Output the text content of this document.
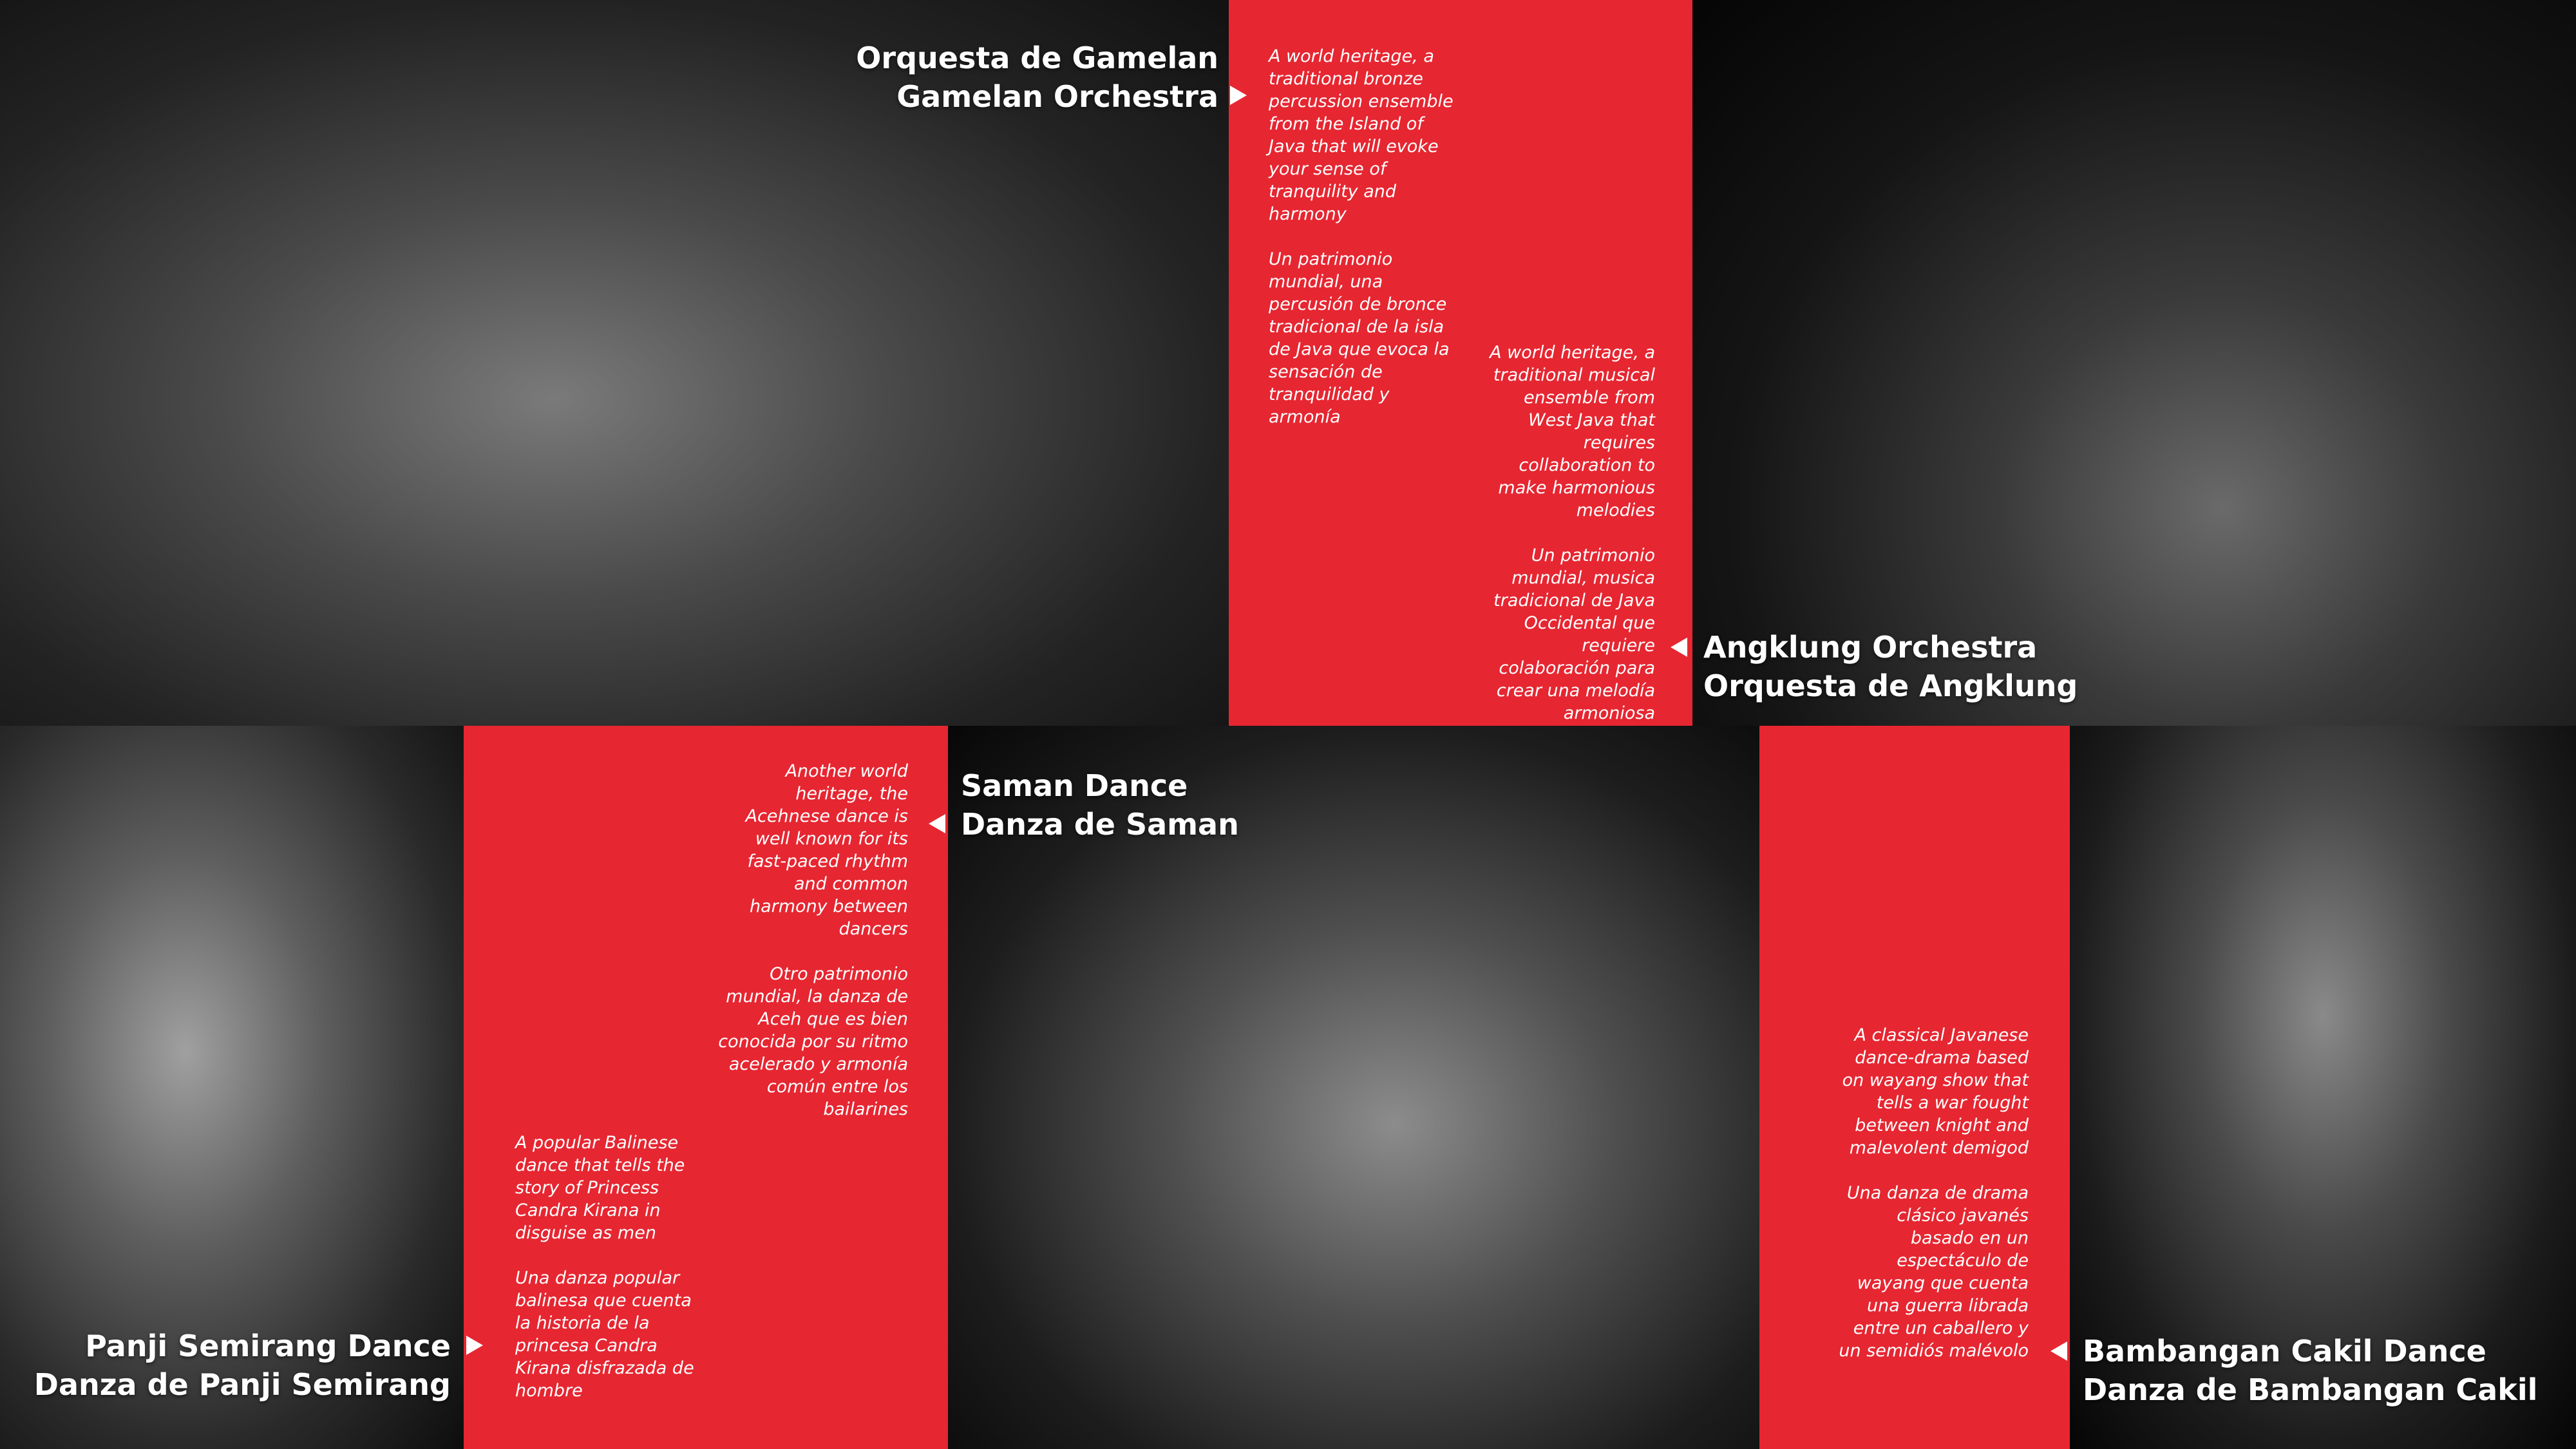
Orquesta de Gamelan
Gamelan Orchestra

A world heritage, a traditional bronze percussion ensemble from the Island of Java that will evoke your sense of tranquility and harmony

Un patrimonio mundial, una percusión de bronce tradicional de la isla de Java que evoca la sensación de tranquilidad y armonía

A world heritage, a traditional musical ensemble from West Java that requires collaboration to make harmonious melodies

Un patrimonio mundial, musica tradicional de Java Occidental que requiere colaboración para crear una melodía armoniosa

Angklung Orchestra
Orquesta de Angklung

Another world heritage, the Acehnese dance is well known for its fast-paced rhythm and common harmony between dancers

Otro patrimonio mundial, la danza de Aceh que es bien conocida por su ritmo acelerado y armonía común entre los bailarines

Saman Dance
Danza de Saman
Panji Semirang Dance
Danza de Panji Semirang

A popular Balinese dance that tells the story of Princess Candra Kirana in disguise as men

Una danza popular balinesa que cuenta la historia de la princesa Candra Kirana disfrazada de hombre

A classical Javanese dance-drama based on wayang show that tells a war fought between knight and malevolent demigod

Una danza de drama clásico javanés basado en un espectáculo de wayang que cuenta una guerra librada entre un caballero y un semidiós malévolo Bambangan Cakil Dance
Danza de Bambangan Cakil
